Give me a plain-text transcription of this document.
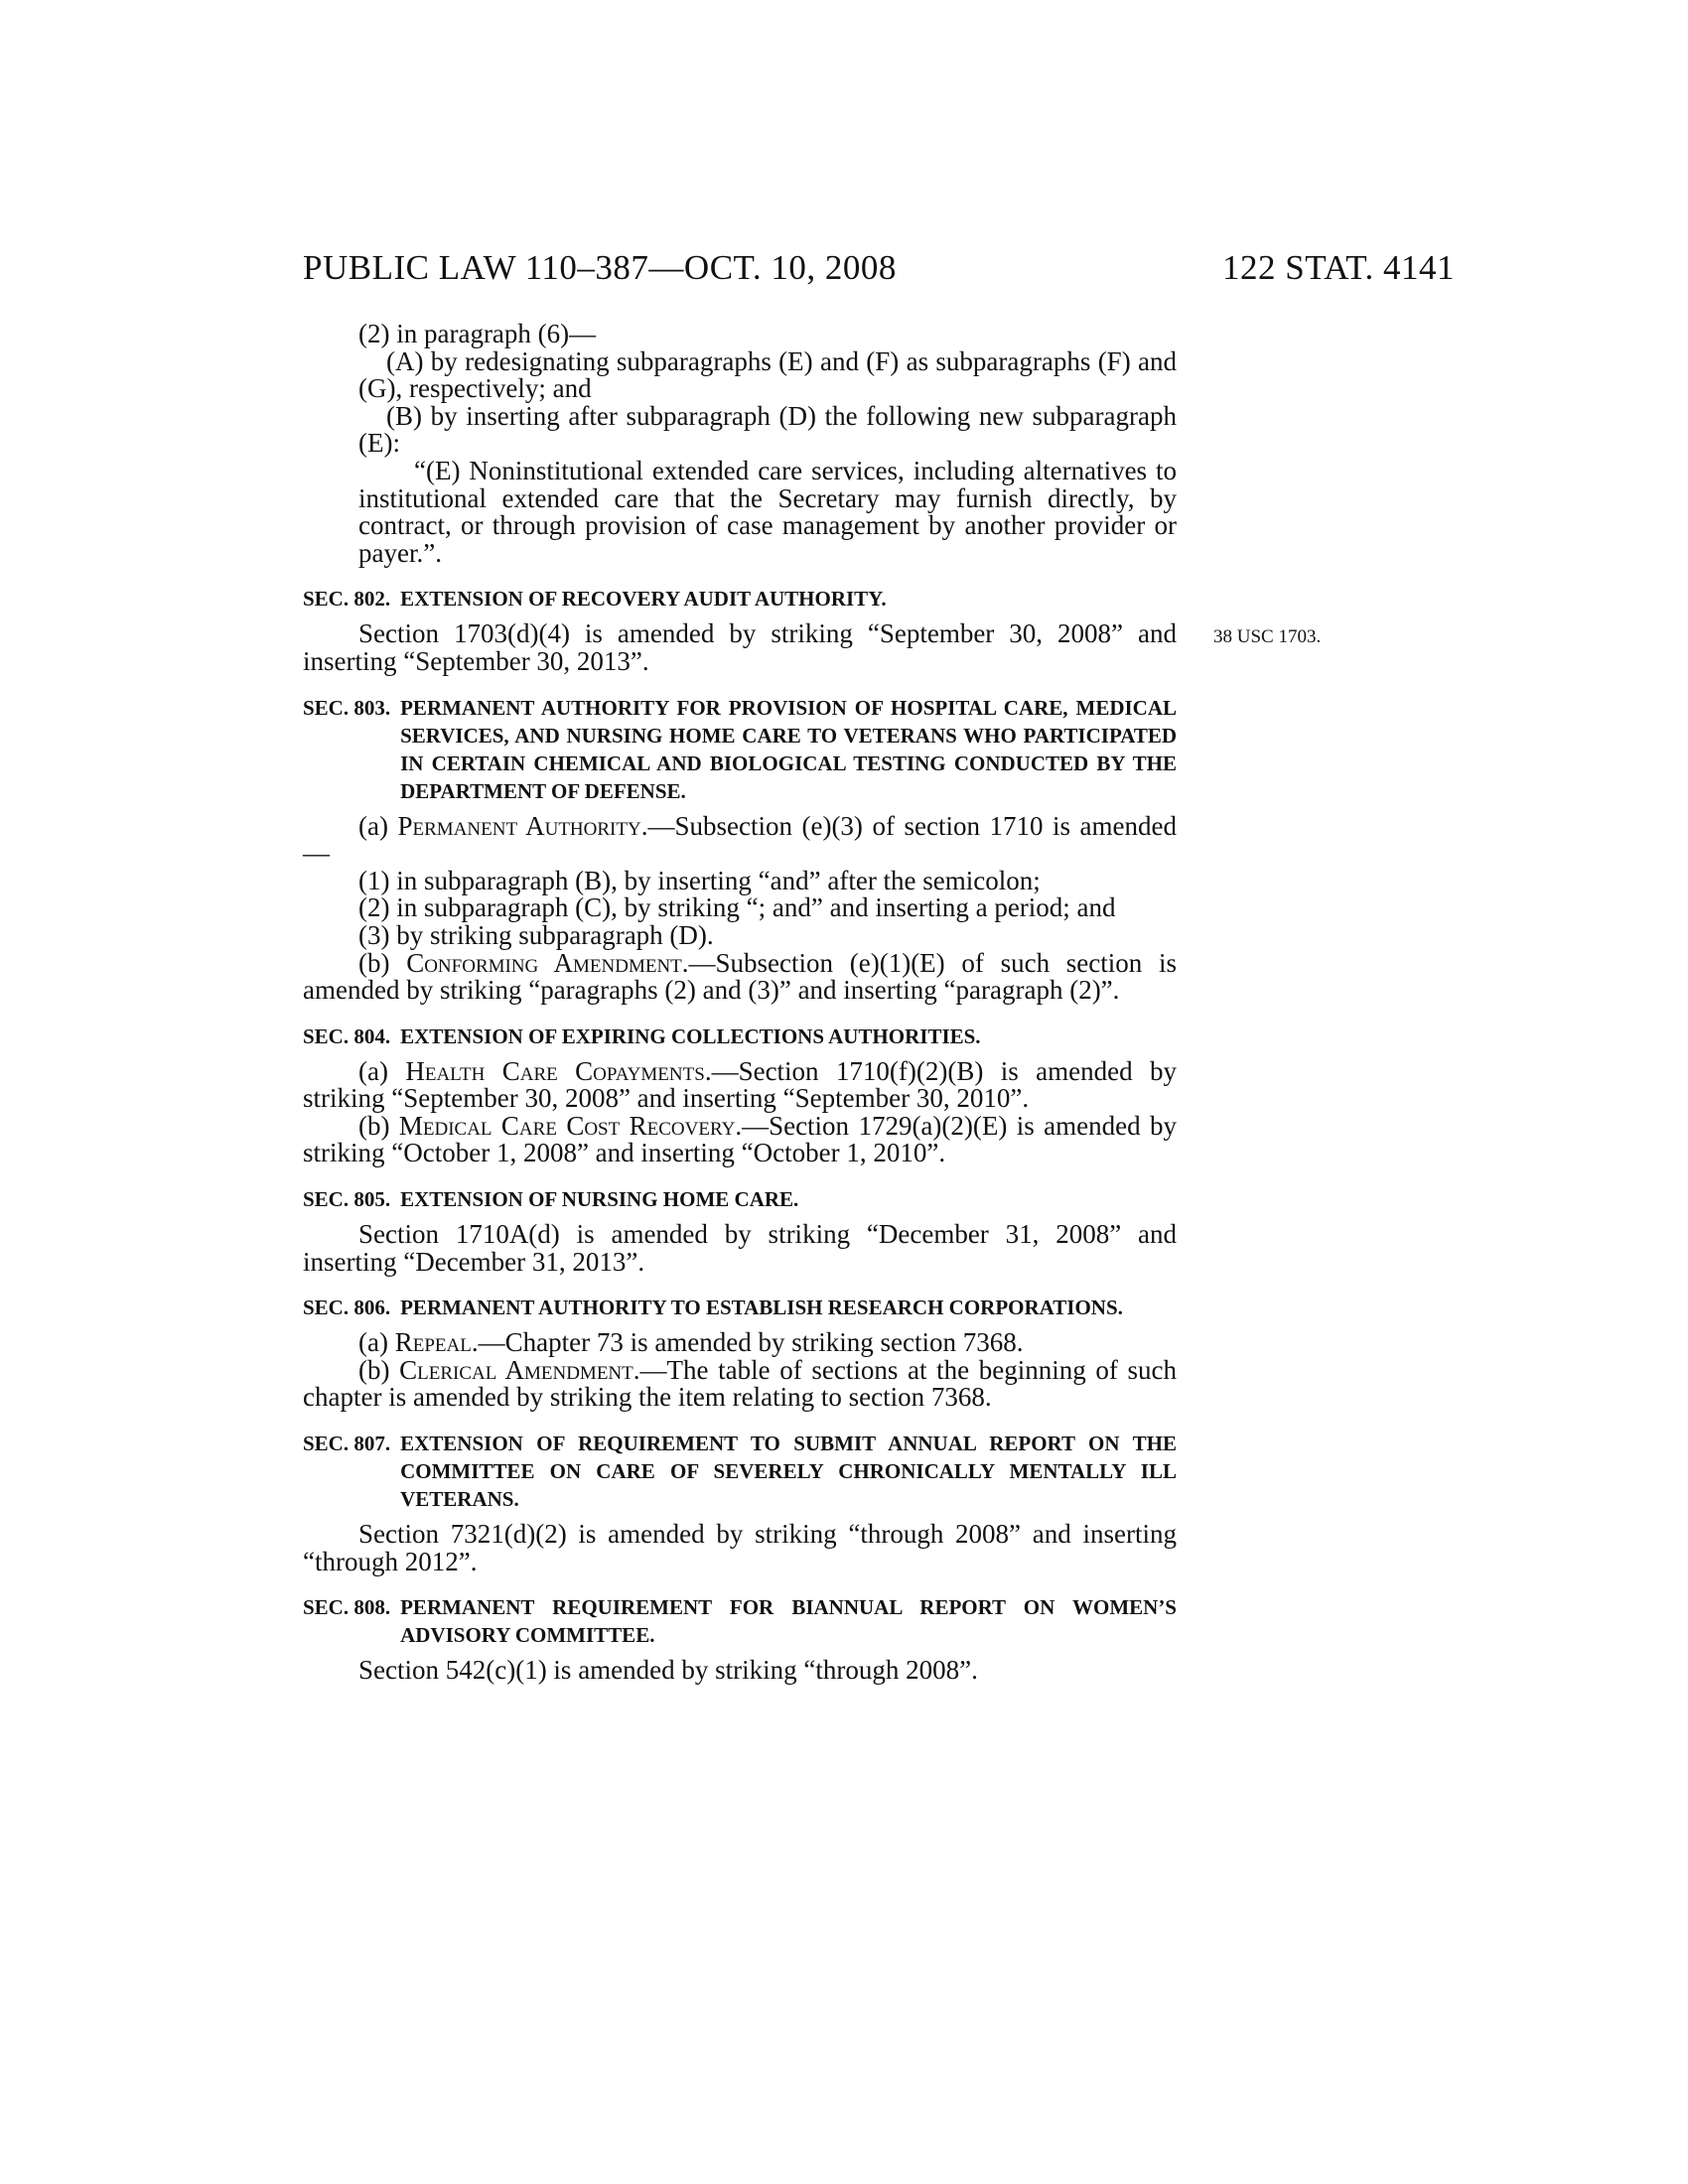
PUBLIC LAW 110–387—OCT. 10, 2008	122 STAT. 4141
38 USC 1703.

(2) in paragraph (6)—

(A) by redesignating subparagraphs (E) and (F) as subparagraphs (F) and (G), respectively; and

(B) by inserting after subparagraph (D) the following new subparagraph (E):

“(E) Noninstitutional extended care services, including alternatives to institutional extended care that the Secretary may furnish directly, by contract, or through provision of case management by another provider or payer.”.

SEC. 802. EXTENSION OF RECOVERY AUDIT AUTHORITY.

Section 1703(d)(4) is amended by striking “September 30, 2008” and inserting “September 30, 2013”.

SEC. 803. PERMANENT AUTHORITY FOR PROVISION OF HOSPITAL CARE, MEDICAL SERVICES, AND NURSING HOME CARE TO VETERANS WHO PARTICIPATED IN CERTAIN CHEMICAL AND BIOLOGICAL TESTING CONDUCTED BY THE DEPARTMENT OF DEFENSE.

(a) Permanent Authority.—Subsection (e)(3) of section 1710 is amended—

(1) in subparagraph (B), by inserting “and” after the semicolon;

(2) in subparagraph (C), by striking “; and” and inserting a period; and

(3) by striking subparagraph (D).

(b) Conforming Amendment.—Subsection (e)(1)(E) of such section is amended by striking “paragraphs (2) and (3)” and inserting “paragraph (2)”.

SEC. 804. EXTENSION OF EXPIRING COLLECTIONS AUTHORITIES.

(a) Health Care Copayments.—Section 1710(f)(2)(B) is amended by striking “September 30, 2008” and inserting “September 30, 2010”.

(b) Medical Care Cost Recovery.—Section 1729(a)(2)(E) is amended by striking “October 1, 2008” and inserting “October 1, 2010”.

SEC. 805. EXTENSION OF NURSING HOME CARE.

Section 1710A(d) is amended by striking “December 31, 2008” and inserting “December 31, 2013”.

SEC. 806. PERMANENT AUTHORITY TO ESTABLISH RESEARCH CORPORATIONS.

(a) Repeal.—Chapter 73 is amended by striking section 7368.

(b) Clerical Amendment.—The table of sections at the beginning of such chapter is amended by striking the item relating to section 7368.

SEC. 807. EXTENSION OF REQUIREMENT TO SUBMIT ANNUAL REPORT ON THE COMMITTEE ON CARE OF SEVERELY CHRONICALLY MENTALLY ILL VETERANS.

Section 7321(d)(2) is amended by striking “through 2008” and inserting “through 2012”.

SEC. 808. PERMANENT REQUIREMENT FOR BIANNUAL REPORT ON WOMEN’S ADVISORY COMMITTEE.

Section 542(c)(1) is amended by striking “through 2008”.
